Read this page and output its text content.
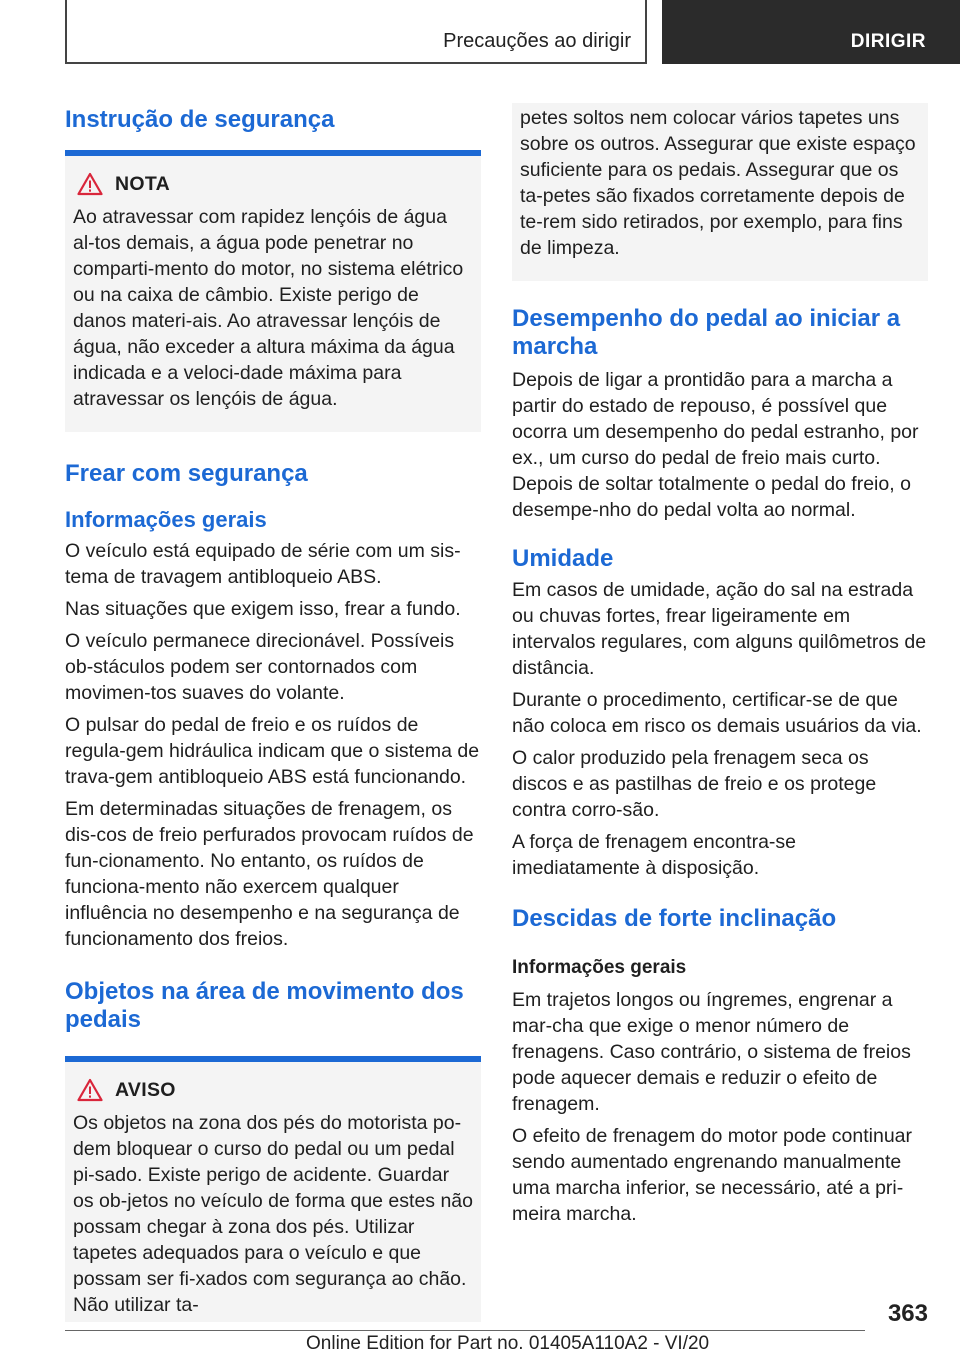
Precauções ao dirigir	DIRIGIR
Instrução de segurança
NOTA

Ao atravessar com rapidez lençóis de água al-tos demais, a água pode penetrar no comparti-mento do motor, no sistema elétrico ou na caixa de câmbio. Existe perigo de danos materi-ais. Ao atravessar lençóis de água, não exceder a altura máxima da água indicada e a veloci-dade máxima para atravessar os lençóis de água.

Frear com segurança
Informações gerais

O veículo está equipado de série com um sis-tema de travagem antibloqueio ABS.

Nas situações que exigem isso, frear a fundo.

O veículo permanece direcionável. Possíveis ob-stáculos podem ser contornados com movimen-tos suaves do volante.

O pulsar do pedal de freio e os ruídos de regula-gem hidráulica indicam que o sistema de trava-gem antibloqueio ABS está funcionando.

Em determinadas situações de frenagem, os dis-cos de freio perfurados provocam ruídos de fun-cionamento. No entanto, os ruídos de funciona-mento não exercem qualquer influência no desempenho e na segurança de funcionamento dos freios.

Objetos na área de movimento dos pedais
AVISO

Os objetos na zona dos pés do motorista po-dem bloquear o curso do pedal ou um pedal pi-sado. Existe perigo de acidente. Guardar os ob-jetos no veículo de forma que estes não possam chegar à zona dos pés. Utilizar tapetes adequados para o veículo e que possam ser fi-xados com segurança ao chão. Não utilizar ta-

petes soltos nem colocar vários tapetes uns sobre os outros. Assegurar que existe espaço suficiente para os pedais. Assegurar que os ta-petes são fixados corretamente depois de te-rem sido retirados, por exemplo, para fins de limpeza.

Desempenho do pedal ao iniciar a marcha

Depois de ligar a prontidão para a marcha a partir do estado de repouso, é possível que ocorra um desempenho do pedal estranho, por ex., um curso do pedal de freio mais curto. Depois de soltar totalmente o pedal do freio, o desempe-nho do pedal volta ao normal.

Umidade

Em casos de umidade, ação do sal na estrada ou chuvas fortes, frear ligeiramente em intervalos regulares, com alguns quilômetros de distância.

Durante o procedimento, certificar-se de que não coloca em risco os demais usuários da via.

O calor produzido pela frenagem seca os discos e as pastilhas de freio e os protege contra corro-são.

A força de frenagem encontra-se imediatamente à disposição.

Descidas de forte inclinação
Informações gerais

Em trajetos longos ou íngremes, engrenar a mar-cha que exige o menor número de frenagens. Caso contrário, o sistema de freios pode aquecer demais e reduzir o efeito de frenagem.

O efeito de frenagem do motor pode continuar sendo aumentado engrenando manualmente uma marcha inferior, se necessário, até a pri-meira marcha.

363
Online Edition for Part no. 01405A110A2 - VI/20
